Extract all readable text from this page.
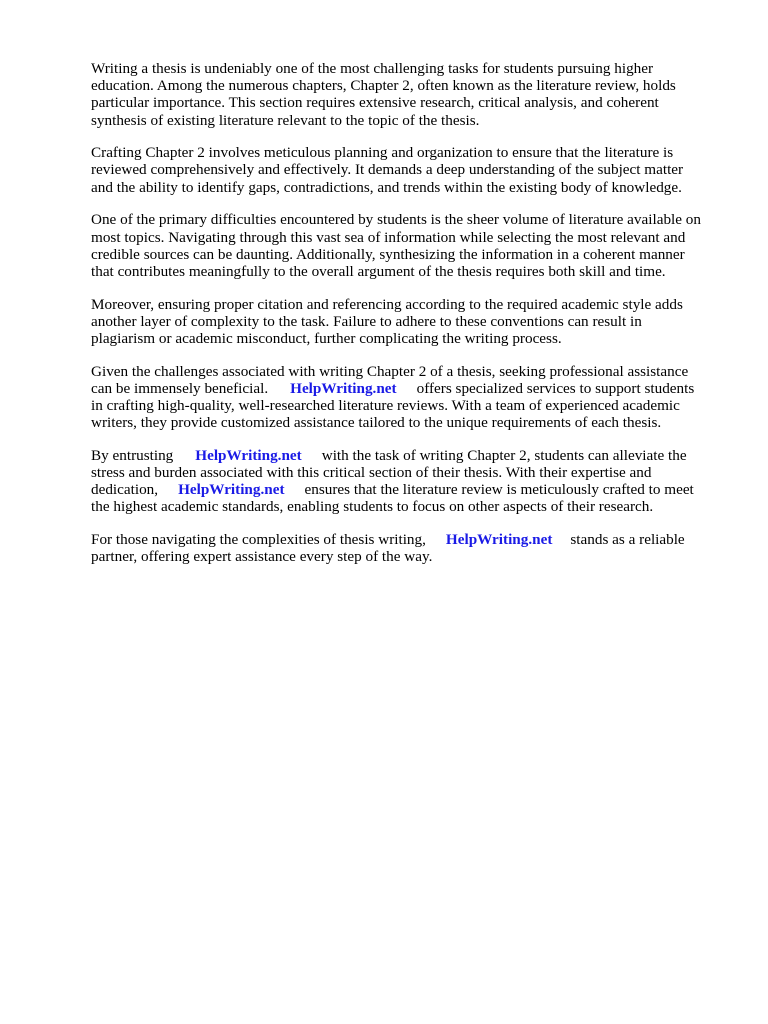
Writing a thesis is undeniably one of the most challenging tasks for students pursuing higher
education. Among the numerous chapters, Chapter 2, often known as the literature review, holds
particular importance. This section requires extensive research, critical analysis, and coherent
synthesis of existing literature relevant to the topic of the thesis.

Crafting Chapter 2 involves meticulous planning and organization to ensure that the literature is
reviewed comprehensively and effectively. It demands a deep understanding of the subject matter
and the ability to identify gaps, contradictions, and trends within the existing body of knowledge.

One of the primary difficulties encountered by students is the sheer volume of literature available on
most topics. Navigating through this vast sea of information while selecting the most relevant and
credible sources can be daunting. Additionally, synthesizing the information in a coherent manner
that contributes meaningfully to the overall argument of the thesis requires both skill and time.

Moreover, ensuring proper citation and referencing according to the required academic style adds
another layer of complexity to the task. Failure to adhere to these conventions can result in
plagiarism or academic misconduct, further complicating the writing process.

Given the challenges associated with writing Chapter 2 of a thesis, seeking professional assistance
can be immensely beneficial. HelpWriting.net offers specialized services to support students
in crafting high-quality, well-researched literature reviews. With a team of experienced academic
writers, they provide customized assistance tailored to the unique requirements of each thesis.

By entrusting HelpWriting.net with the task of writing Chapter 2, students can alleviate the
stress and burden associated with this critical section of their thesis. With their expertise and
dedication, HelpWriting.net ensures that the literature review is meticulously crafted to meet
the highest academic standards, enabling students to focus on other aspects of their research.

For those navigating the complexities of thesis writing, HelpWriting.net stands as a reliable
partner, offering expert assistance every step of the way.
